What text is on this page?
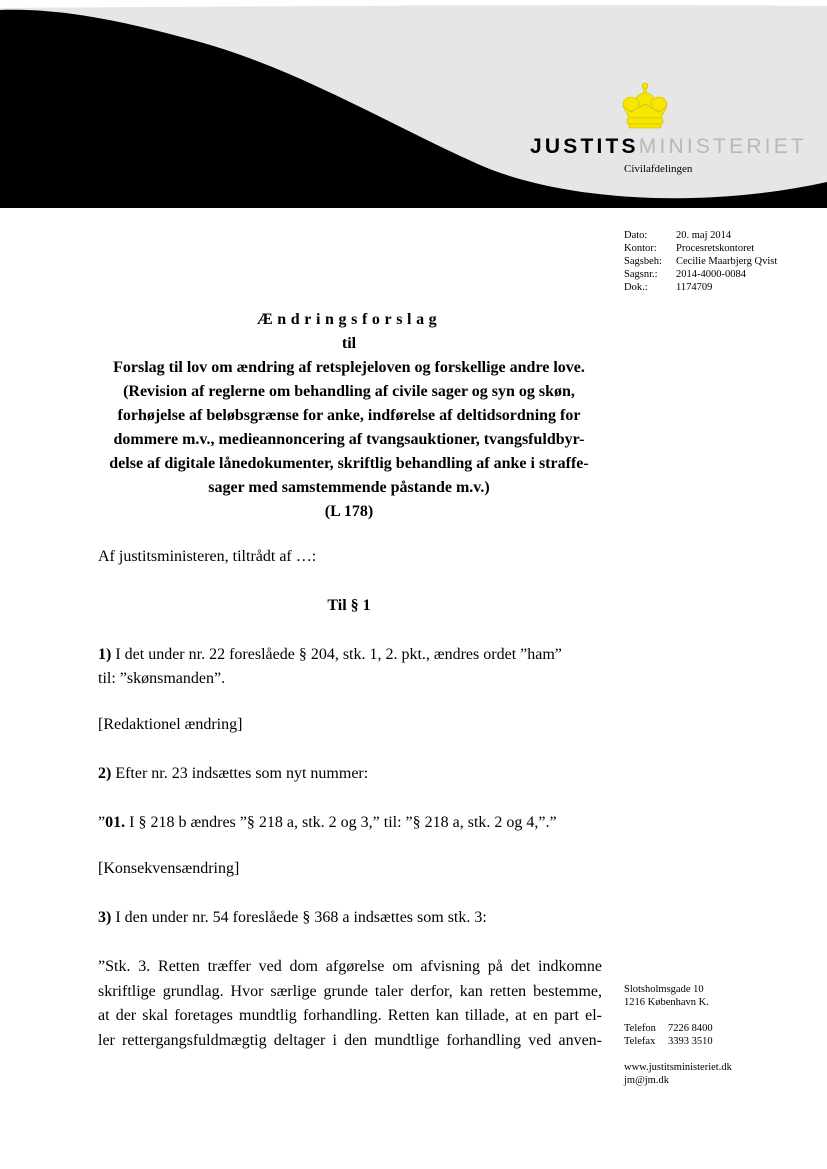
JUSTITSMINISTERIET
Civilafdelingen
Dato:	20. maj 2014
Kontor:	Procesretskontoret
Sagsbeh:	Cecilie Maarbjerg Qvist
Sagsnr.:	2014-4000-0084
Dok.:	1174709
Ændringsforslag
til
Forslag til lov om ændring af retsplejeloven og forskellige andre love.
(Revision af reglerne om behandling af civile sager og syn og skøn,
forhøjelse af beløbsgrænse for anke, indførelse af deltidsordning for
dommere m.v., medieannoncering af tvangsauktioner, tvangsfuldbyr-
delse af digitale lånedokumenter, skriftlig behandling af anke i straffe-
sager med samstemmende påstande m.v.)
(L 178)
Af justitsministeren, tiltrådt af …:
Til § 1
1) I det under nr. 22 foreslåede § 204, stk. 1, 2. pkt., ændres ordet ”ham”
til: ”skønsmanden”.
[Redaktionel ændring]
2) Efter nr. 23 indsættes som nyt nummer:
”01. I § 218 b ændres ”§ 218 a, stk. 2 og 3,” til: ”§ 218 a, stk. 2 og 4,”.”
[Konsekvensændring]
3) I den under nr. 54 foreslåede § 368 a indsættes som stk. 3:
”Stk. 3. Retten træffer ved dom afgørelse om afvisning på det indkomne
skriftlige grundlag. Hvor særlige grunde taler derfor, kan retten bestemme,
at der skal foretages mundtlig forhandling. Retten kan tillade, at en part el-
ler rettergangsfuldmægtig deltager i den mundtlige forhandling ved anven-
Slotsholmsgade 10
1216 København K.
Telefon	7226 8400
Telefax	3393 3510
www.justitsministeriet.dk
jm@jm.dk
